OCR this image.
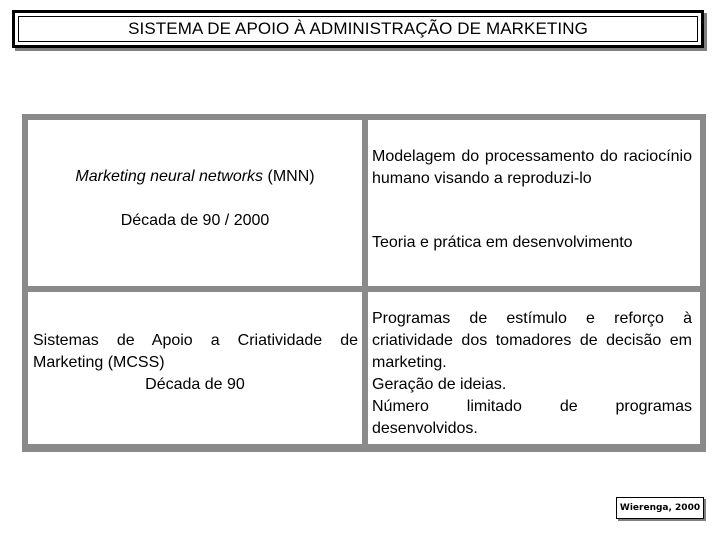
SISTEMA DE APOIO À ADMINISTRAÇÃO DE MARKETING
Marketing neural networks (MNN)
Década de 90 / 2000
Modelagem do processamento do raciocínio humano visando a reproduzi-lo
Teoria e prática em desenvolvimento
Sistemas de Apoio a Criatividade de Marketing (MCSS)
Década de 90
Programas de estímulo e reforço à criatividade dos tomadores de decisão em marketing.
Geração de ideias.
Número limitado de programas
desenvolvidos.
Wierenga, 2000
